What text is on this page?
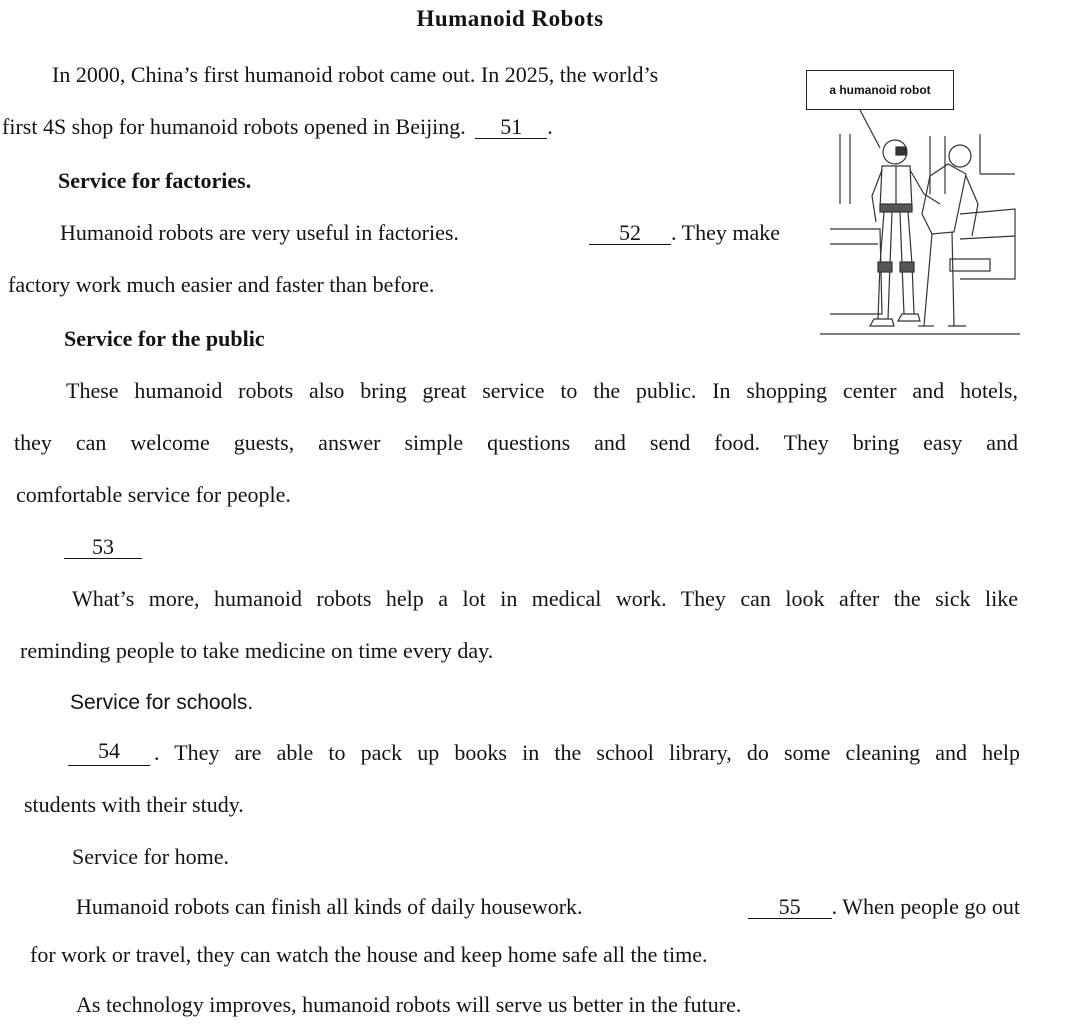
Humanoid Robots
In 2000, China’s first humanoid robot came out. In 2025, the world’s
first 4S shop for humanoid robots opened in Beijing. 51 .
Service for factories.
Humanoid robots are very useful in factories.	52 . They make
factory work much easier and faster than before.
Service for the public
These humanoid robots also bring great service to the public. In shopping center and hotels,
they can welcome guests, answer simple questions and send food. They bring easy and
comfortable service for people.
53
What’s more, humanoid robots help a lot in medical work. They can look after the sick like
reminding people to take medicine on time every day.
Service for schools.
54	. They are able to pack up books in the school library, do some cleaning and help
students with their study.
Service for home.
Humanoid robots can finish all kinds of daily housework.	55 . When people go out
for work or travel, they can watch the house and keep home safe all the time.
As technology improves, humanoid robots will serve us better in the future.
a humanoid robot
